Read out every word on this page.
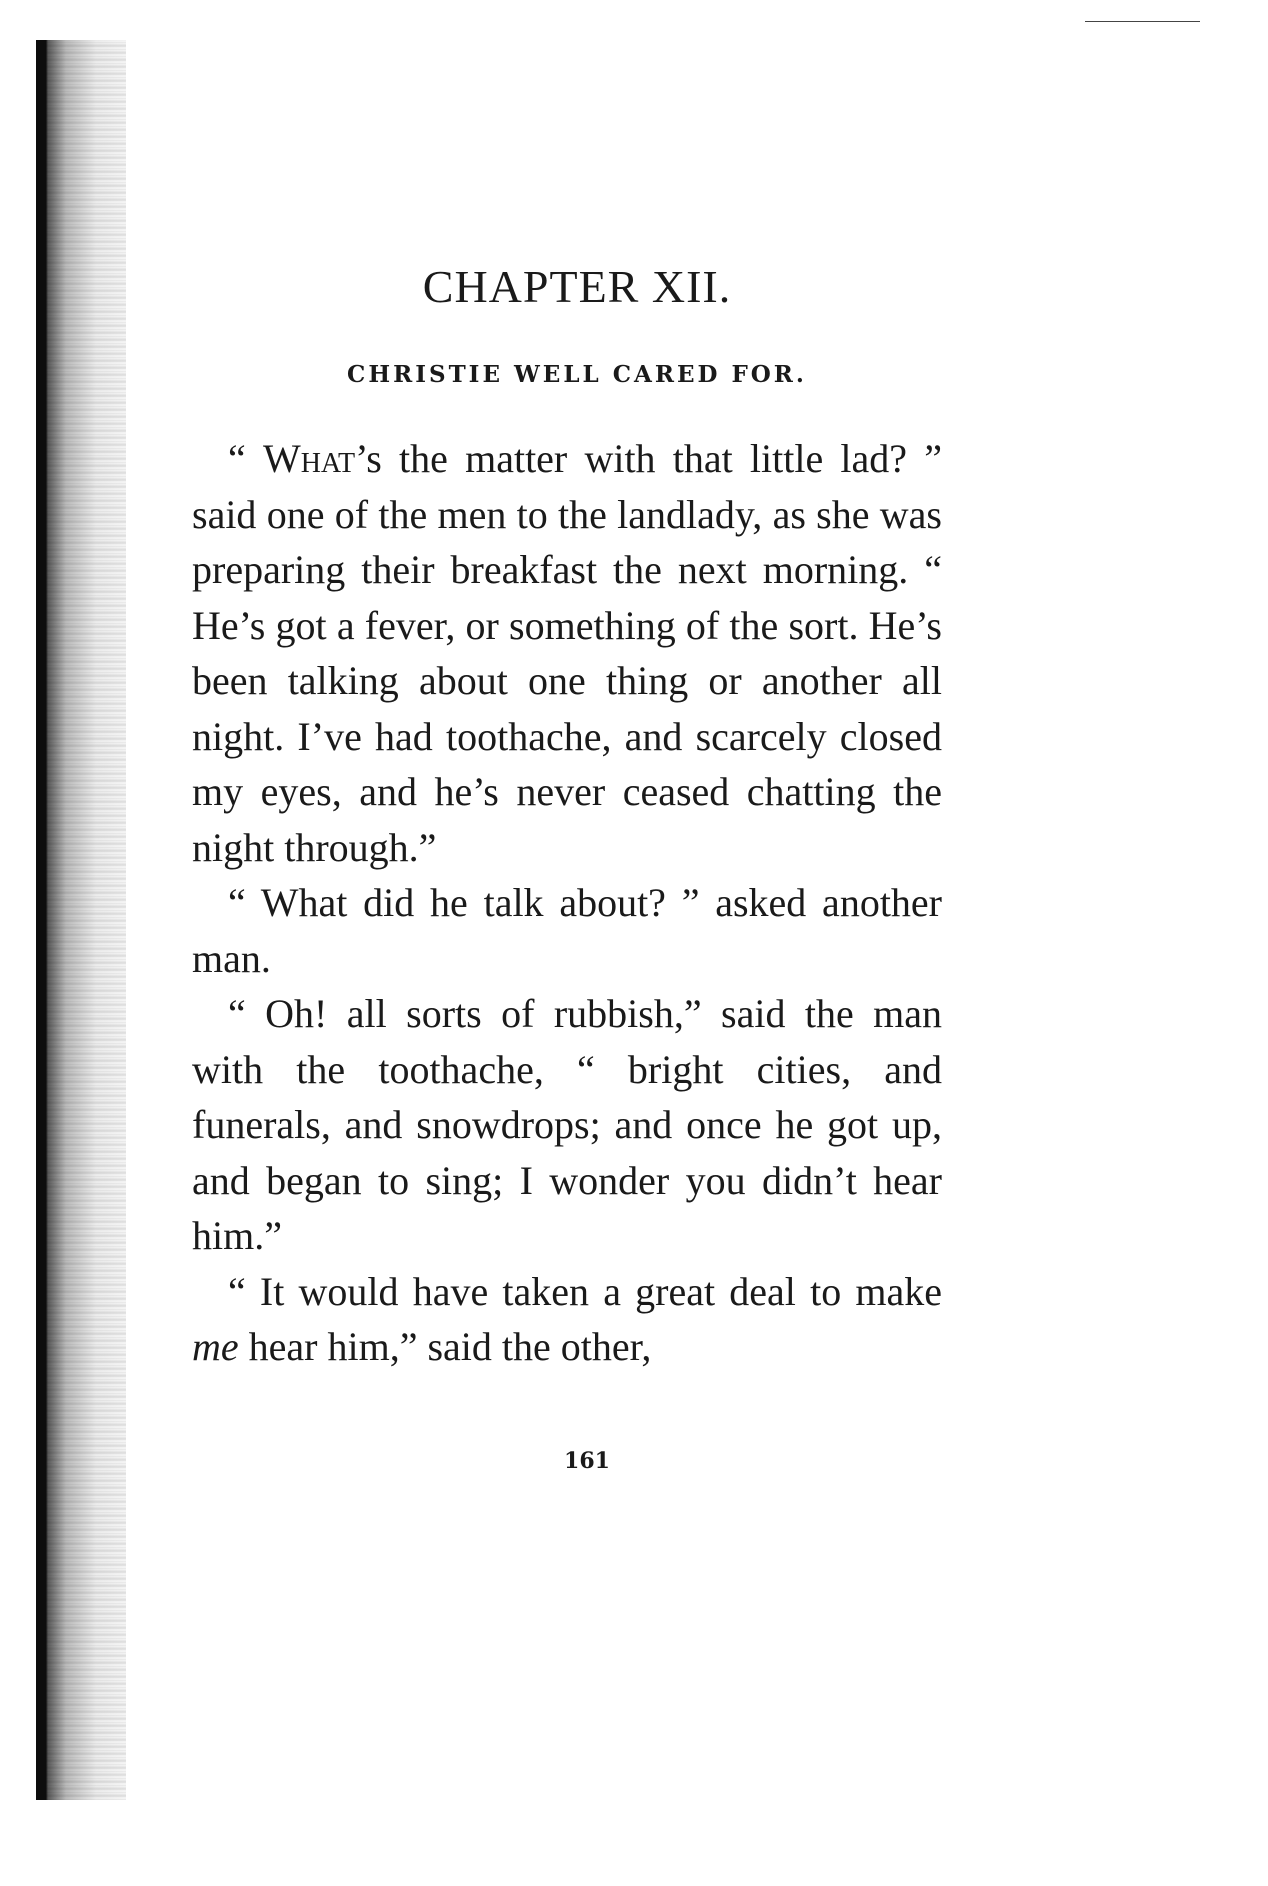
CHAPTER XII.
CHRISTIE WELL CARED FOR.

“ What’s the matter with that little lad? ” said one of the men to the landlady, as she was preparing their breakfast the next morning. “ He’s got a fever, or something of the sort. He’s been talking about one thing or another all night. I’ve had toothache, and scarcely closed my eyes, and he’s never ceased chatting the night through.”

“ What did he talk about? ” asked another man.

“ Oh! all sorts of rubbish,” said the man with the toothache, “ bright cities, and funerals, and snowdrops; and once he got up, and began to sing; I wonder you didn’t hear him.”

“ It would have taken a great deal to make me hear him,” said the other,

161
